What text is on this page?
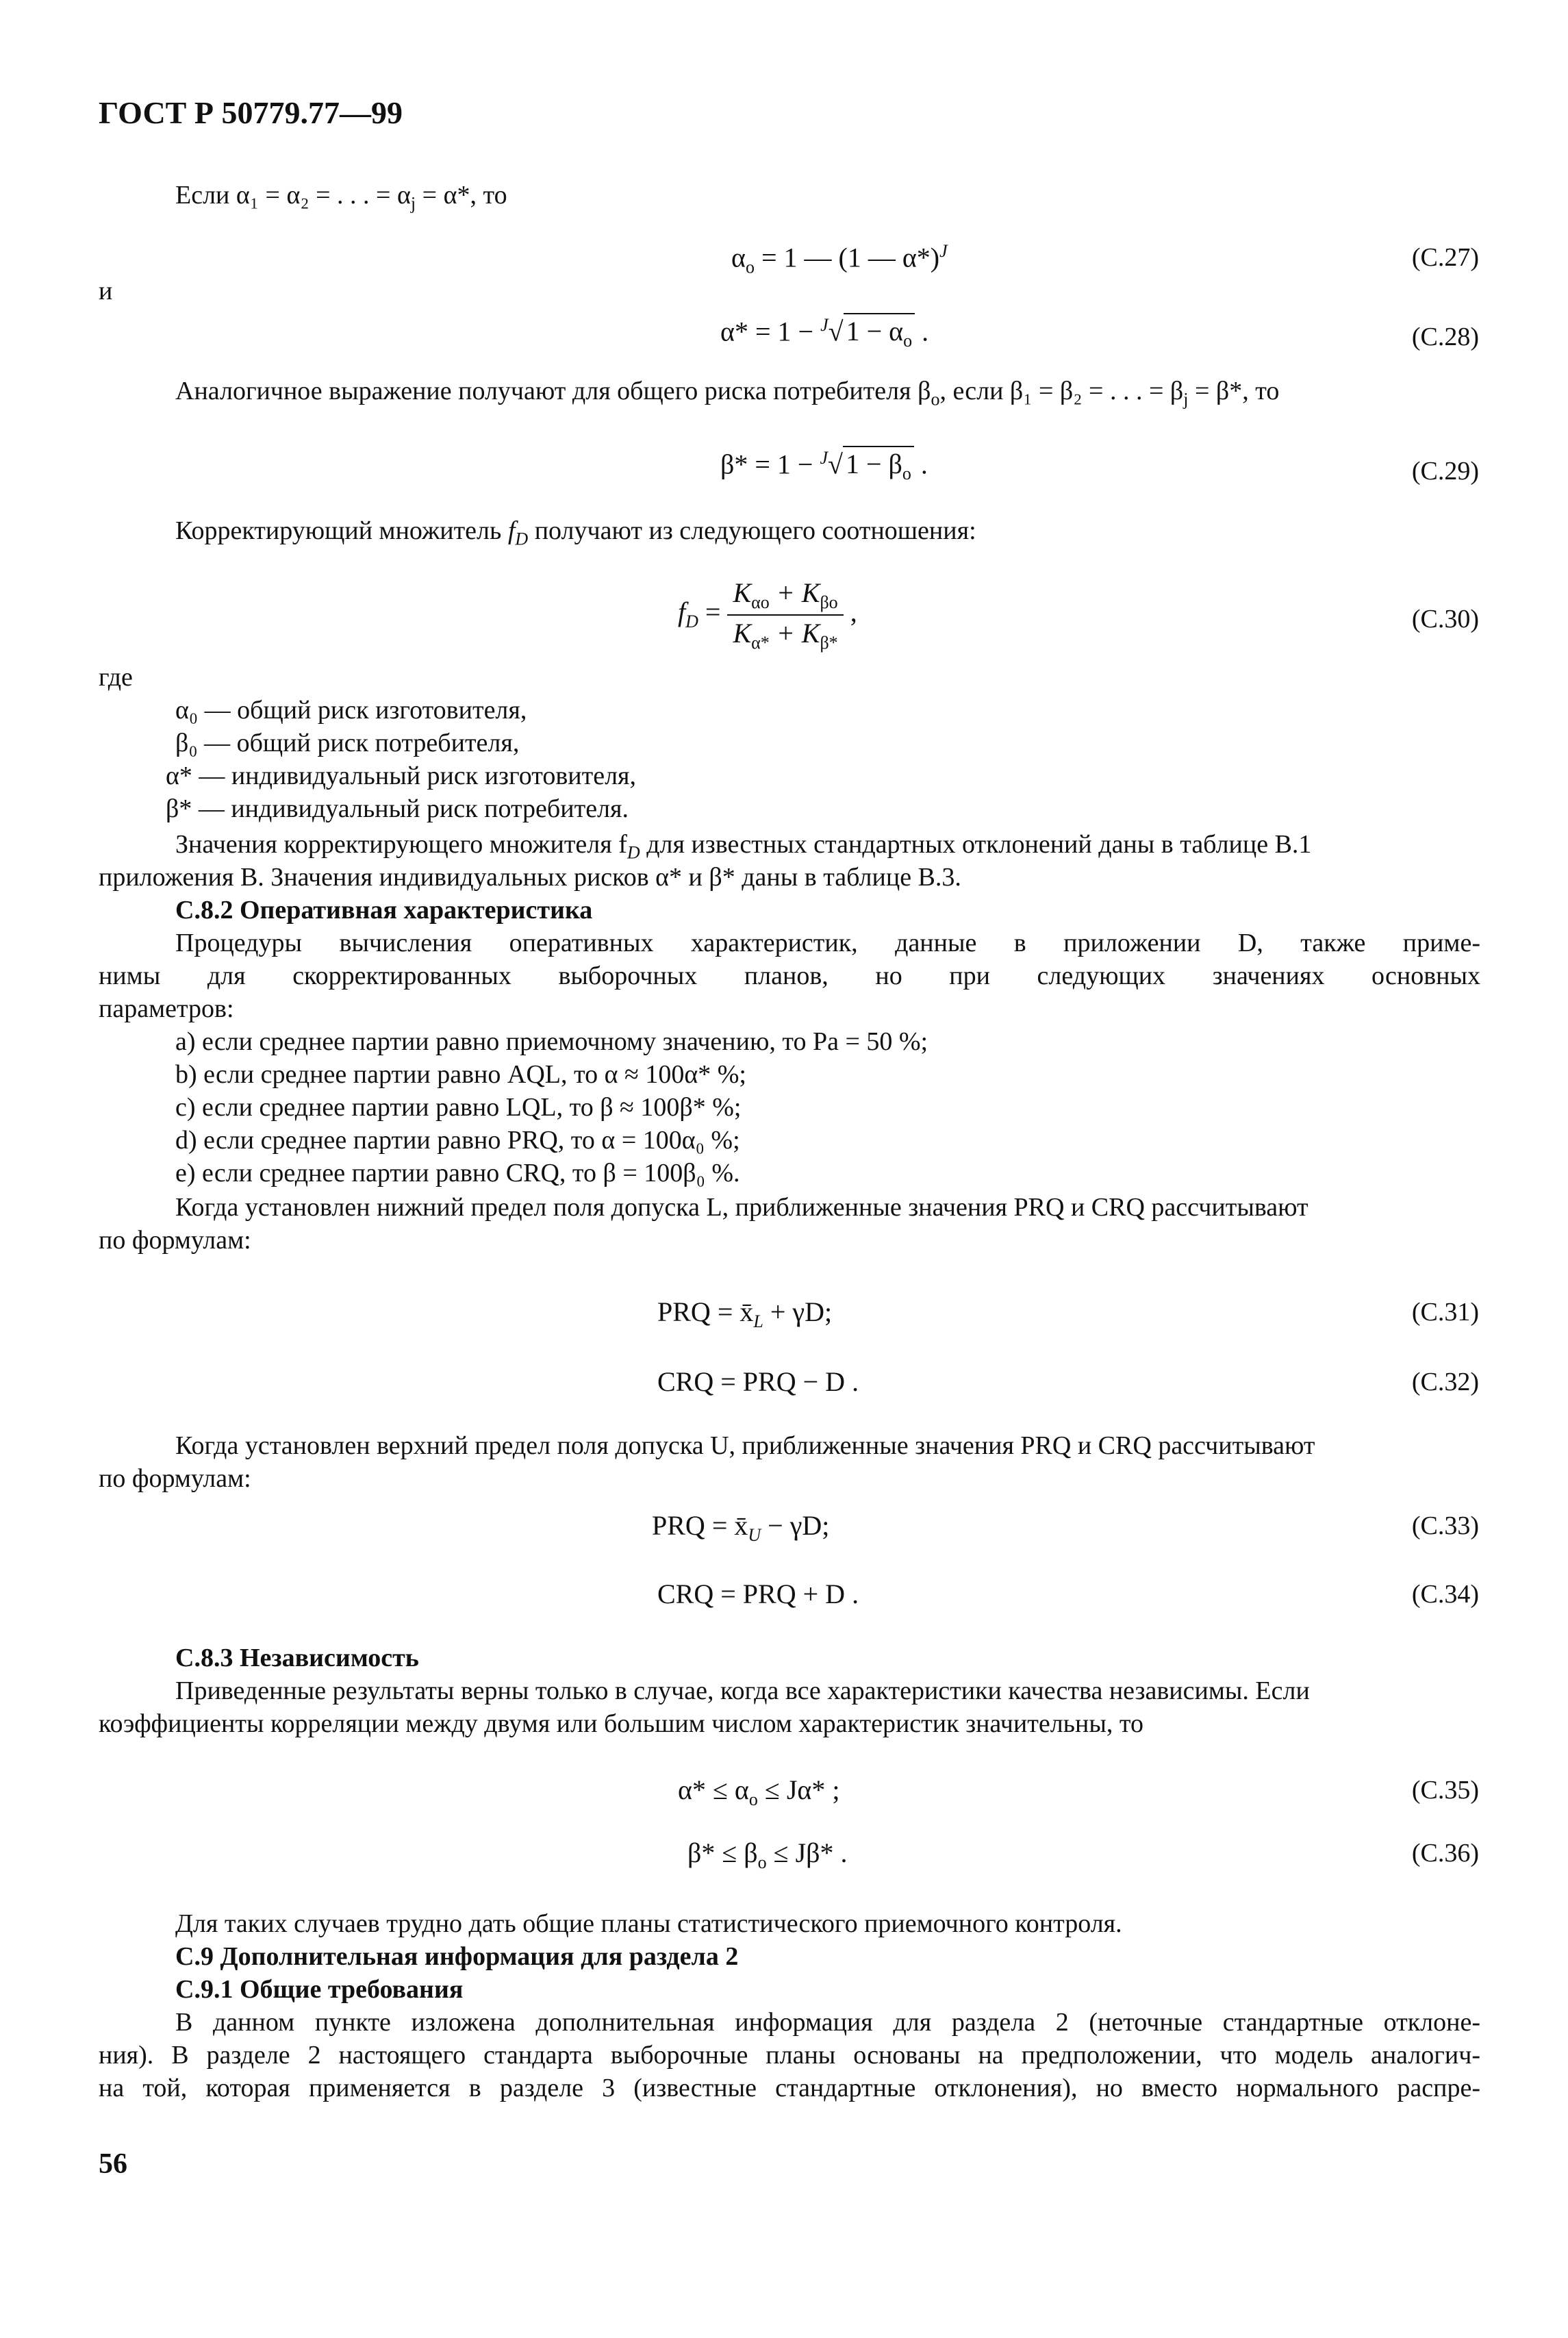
ГОСТ Р 50779.77—99
Если α₁ = α₂ = . . . = $\alpha_j = \alpha*$, то
$\alpha_o = 1$ — (1 — α*)$^J$	(С.27)
и
α* = 1 − $^J$√ $1 - \alpha_o$ .	(С.28)
Аналогичное выражение получают для общего риска потребителя $\beta_o$, если β₁ = β₂ = . . . = $\beta_j = \beta*$, то
β* = 1 − $^J$√ $1 - \beta_o$ .	(С.29)
Корректирующий множитель $f_D$ получают из следующего соотношения:
$f_D = \frac{K_{\alpha o} + K_{\beta o}}{K_{\alpha*} + K_{\beta*}}$ ,	(С.30)
где
α₀ — общий риск изготовителя,
β₀ — общий риск потребителя,
α* — индивидуальный риск изготовителя,
β* — индивидуальный риск потребителя.
Значения корректирующего множителя $f_D$ для известных стандартных отклонений даны в таблице В.1
приложения В. Значения индивидуальных рисков α* и β* даны в таблице В.3.
С.8.2 Оперативная характеристика
Процедуры вычисления оперативных характеристик, данные в приложении D, также приме-
нимы для скорректированных выборочных планов, но при следующих значениях основных
параметров:
a) если среднее партии равно приемочному значению, то Pa = 50 %;
b) если среднее партии равно AQL, то α ≈ 100α* %;
c) если среднее партии равно LQL, то β ≈ 100β* %;
d) если среднее партии равно PRQ, то α = 100α₀ %;
e) если среднее партии равно CRQ, то β = 100β₀ %.
Когда установлен нижний предел поля допуска L, приближенные значения PRQ и CRQ рассчитывают
по формулам:
PRQ = $x̄_L + \gamma D$;	(С.31)
CRQ = PRQ − D .	(С.32)
Когда установлен верхний предел поля допуска U, приближенные значения PRQ и CRQ рассчитывают
по формулам:
PRQ = $x̄_U - \gamma D$;	(С.33)
CRQ = PRQ + D .	(С.34)
С.8.3 Независимость
Приведенные результаты верны только в случае, когда все характеристики качества независимы. Если
коэффициенты корреляции между двумя или большим числом характеристик значительны, то
$\alpha* \le \alpha_o \le J\alpha*$ ;	(С.35)
$\beta* \le \beta_o \le J\beta*$ .	(С.36)
Для таких случаев трудно дать общие планы статистического приемочного контроля.
С.9 Дополнительная информация для раздела 2
С.9.1 Общие требования
В данном пункте изложена дополнительная информация для раздела 2 (неточные стандартные отклоне-
ния). В разделе 2 настоящего стандарта выборочные планы основаны на предположении, что модель аналогич-
на той, которая применяется в разделе 3 (известные стандартные отклонения), но вместо нормального распре-
56
